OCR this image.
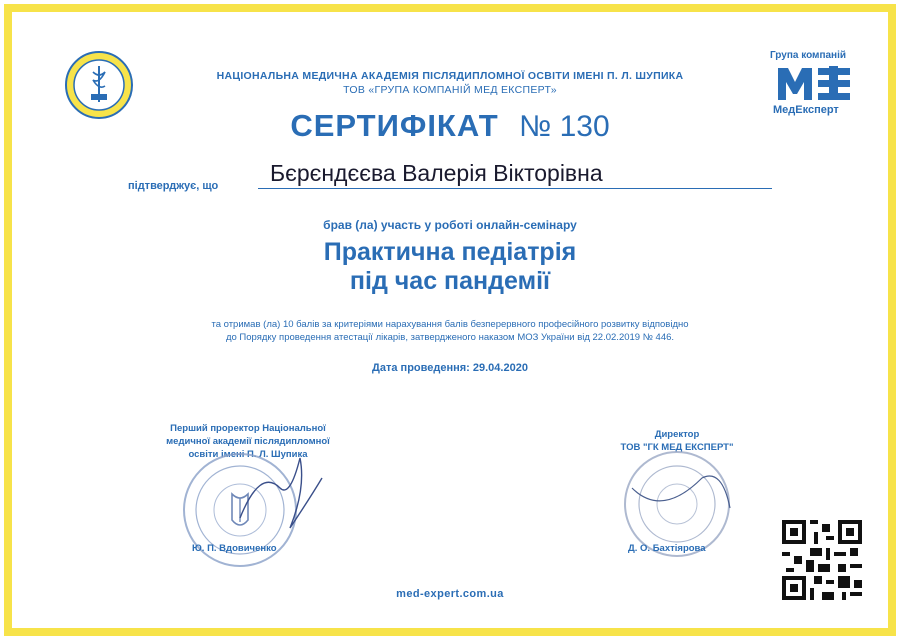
НАЦІОНАЛЬНА МЕДИЧНА АКАДЕМІЯ ПІСЛЯДИПЛОМНОЇ ОСВІТИ ІМЕНІ П. Л. ШУПИКА
ТОВ «ГРУПА КОМПАНІЙ МЕД ЕКСПЕРТ»
Група компаній
МедЕксперт
СЕРТИФІКАТ № 130
підтверджує, що Бєрєндєєва Валерія Вікторівна
брав (ла) участь у роботі онлайн-семінару
Практична педіатрія
під час пандемії
та отримав (ла) 10 балів за критеріями нарахування балів безперервного професійного розвитку відповідно
до Порядку проведення атестації лікарів, затвердженого наказом МОЗ України від 22.02.2019 № 446.
Дата проведення: 29.04.2020
Перший проректор Національної
медичної академії післядипломної
освіти імені П. Л. Шупика
Ю. П. Вдовиченко
Директор
ТОВ "ГК МЕД ЕКСПЕРТ"
Д. О. Бахтіярова
med-expert.com.ua
